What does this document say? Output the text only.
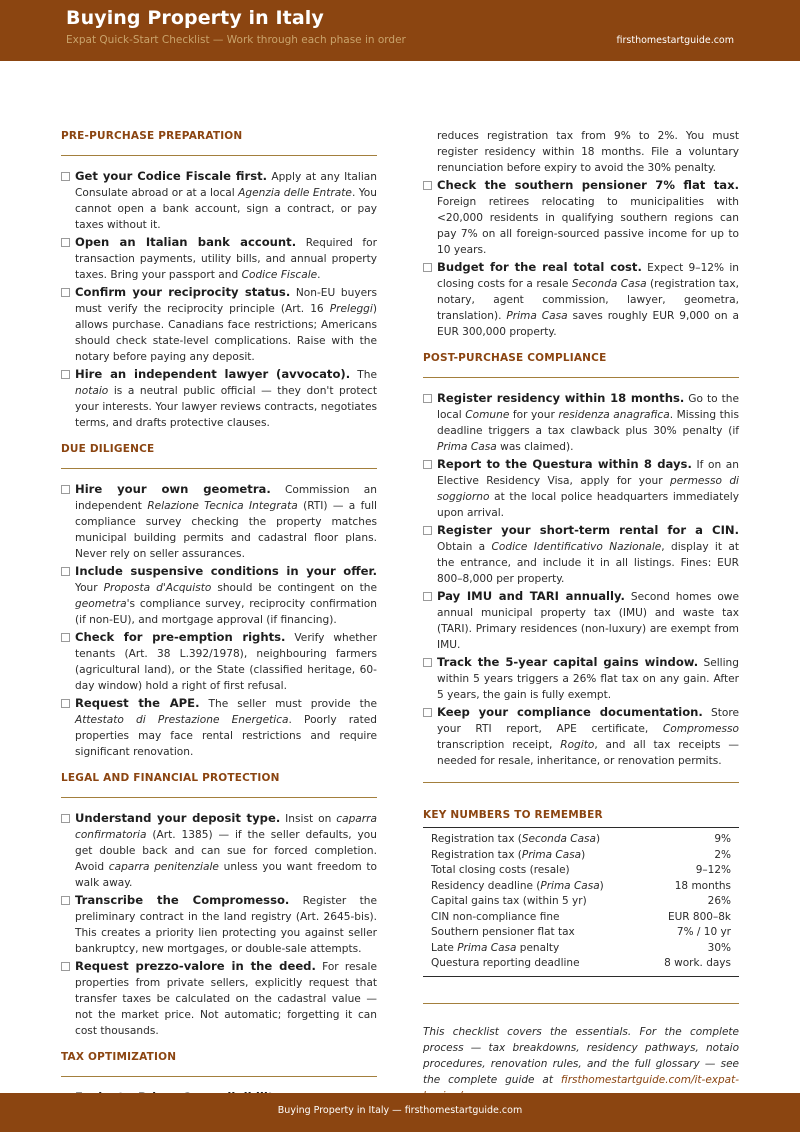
Buying Property in Italy
Expat Quick-Start Checklist — Work through each phase in order	firsthomestartguide.com
PRE-PURCHASE PREPARATION
Get your Codice Fiscale first. Apply at any Italian Consulate abroad or at a local Agenzia delle Entrate. You cannot open a bank account, sign a contract, or pay taxes without it.
Open an Italian bank account. Required for transaction payments, utility bills, and annual property taxes. Bring your passport and Codice Fiscale.
Confirm your reciprocity status. Non-EU buyers must verify the reciprocity principle (Art. 16 Preleggi) allows purchase. Canadians face restrictions; Americans should check state-level complications. Raise with the notary before paying any deposit.
Hire an independent lawyer (avvocato). The notaio is a neutral public official — they don't protect your interests. Your lawyer reviews contracts, negotiates terms, and drafts protective clauses.
DUE DILIGENCE
Hire your own geometra. Commission an independent Relazione Tecnica Integrata (RTI) — a full compliance survey checking the property matches municipal building permits and cadastral floor plans. Never rely on seller assurances.
Include suspensive conditions in your offer. Your Proposta d'Acquisto should be contingent on the geometra's compliance survey, reciprocity confirmation (if non-EU), and mortgage approval (if financing).
Check for pre-emption rights. Verify whether tenants (Art. 38 L.392/1978), neighbouring farmers (agricultural land), or the State (classified heritage, 60-day window) hold a right of first refusal.
Request the APE. The seller must provide the Attestato di Prestazione Energetica. Poorly rated properties may face rental restrictions and require significant renovation.
LEGAL AND FINANCIAL PROTECTION
Understand your deposit type. Insist on caparra confirmatoria (Art. 1385) — if the seller defaults, you get double back and can sue for forced completion. Avoid caparra penitenziale unless you want freedom to walk away.
Transcribe the Compromesso. Register the preliminary contract in the land registry (Art. 2645-bis). This creates a priority lien protecting you against seller bankruptcy, new mortgages, or double-sale attempts.
Request prezzo-valore in the deed. For resale properties from private sellers, explicitly request that transfer taxes be calculated on the cadastral value — not the market price. Not automatic; forgetting it can cost thousands.
TAX OPTIMIZATION
reduces registration tax from 9% to 2%. You must register residency within 18 months. File a voluntary renunciation before expiry to avoid the 30% penalty.
Check the southern pensioner 7% flat tax. Foreign retirees relocating to municipalities with <20,000 residents in qualifying southern regions can pay 7% on all foreign-sourced passive income for up to 10 years.
Budget for the real total cost. Expect 9–12% in closing costs for a resale Seconda Casa (registration tax, notary, agent commission, lawyer, geometra, translation). Prima Casa saves roughly EUR 9,000 on a EUR 300,000 property.
POST-PURCHASE COMPLIANCE
Register residency within 18 months. Go to the local Comune for your residenza anagrafica. Missing this deadline triggers a tax clawback plus 30% penalty (if Prima Casa was claimed).
Report to the Questura within 8 days. If on an Elective Residency Visa, apply for your permesso di soggiorno at the local police headquarters immediately upon arrival.
Register your short-term rental for a CIN. Obtain a Codice Identificativo Nazionale, display it at the entrance, and include it in all listings. Fines: EUR 800–8,000 per property.
Pay IMU and TARI annually. Second homes owe annual municipal property tax (IMU) and waste tax (TARI). Primary residences (non-luxury) are exempt from IMU.
Track the 5-year capital gains window. Selling within 5 years triggers a 26% flat tax on any gain. After 5 years, the gain is fully exempt.
Keep your compliance documentation. Store your RTI report, APE certificate, Compromesso transcription receipt, Rogito, and all tax receipts — needed for resale, inheritance, or renovation permits.
KEY NUMBERS TO REMEMBER
Registration tax (Seconda Casa)	9%
Registration tax (Prima Casa)	2%
Total closing costs (resale)	9–12%
Residency deadline (Prima Casa)	18 months
Capital gains tax (within 5 yr)	26%
CIN non-compliance fine	EUR 800–8k
Southern pensioner flat tax	7% / 10 yr
Late Prima Casa penalty	30%
Questura reporting deadline	8 work. days
This checklist covers the essentials. For the complete process — tax breakdowns, residency pathways, notaio procedures, renovation rules, and the full glossary — see the complete guide at firsthomestartguide.com/it-expat-
Buying Property in Italy — firsthomestartguide.com
